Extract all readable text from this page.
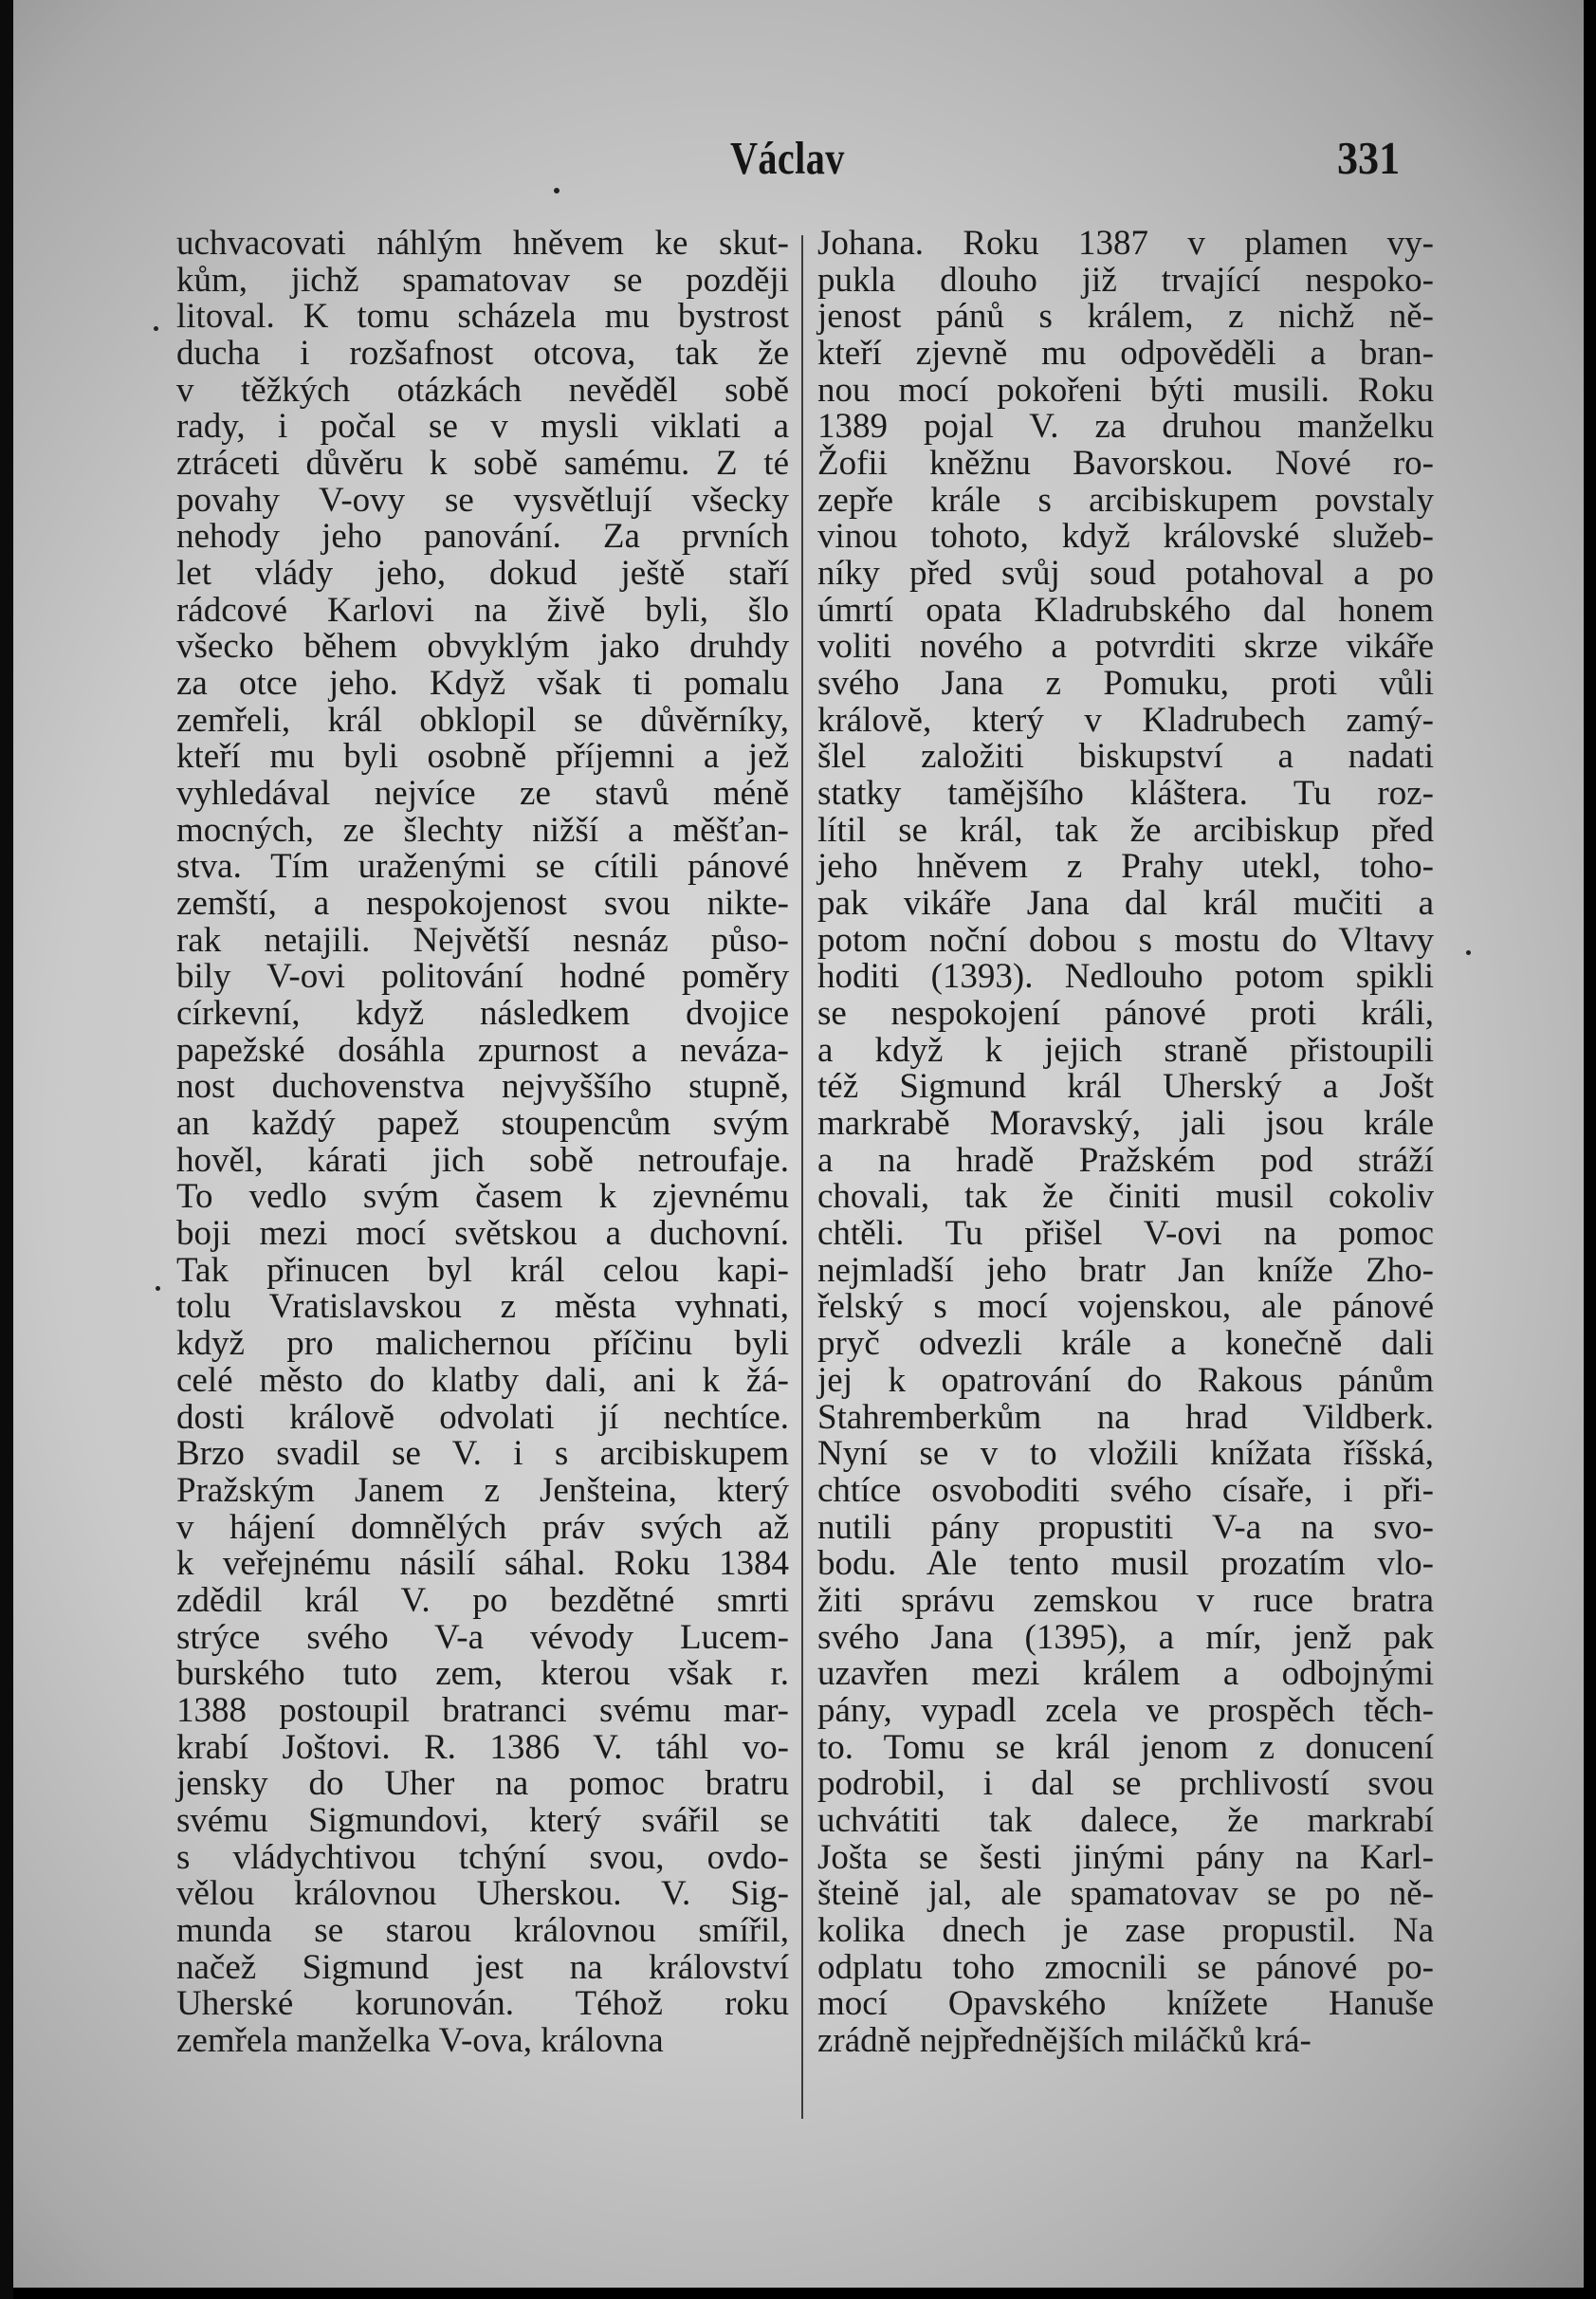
Václav	331
uchvacovati náhlým hněvem ke skut-
kům, jichž spamatovav se později
litoval. K tomu scházela mu bystrost
ducha i rozšafnost otcova, tak že
v těžkých otázkách nevěděl sobě
rady, i počal se v mysli viklati a
ztráceti důvěru k sobě samému. Z té
povahy V-ovy se vysvětlují všecky
nehody jeho panování. Za prvních
let vlády jeho, dokud ještě staří
rádcové Karlovi na živě byli, šlo
všecko během obvyklým jako druhdy
za otce jeho. Když však ti pomalu
zemřeli, král obklopil se důvěrníky,
kteří mu byli osobně příjemni a jež
vyhledával nejvíce ze stavů méně
mocných, ze šlechty nižší a měšťan-
stva. Tím uraženými se cítili pánové
zemští, a nespokojenost svou nikte-
rak netajili. Největší nesnáz půso-
bily V-ovi politování hodné poměry
církevní, když následkem dvojice
papežské dosáhla zpurnost a neváza-
nost duchovenstva nejvyššího stupně,
an každý papež stoupencům svým
hověl, kárati jich sobě netroufaje.
To vedlo svým časem k zjevnému
boji mezi mocí světskou a duchovní.
Tak přinucen byl král celou kapi-
tolu Vratislavskou z města vyhnati,
když pro malichernou příčinu byli
celé město do klatby dali, ani k žá-
dosti královĕ odvolati jí nechtíce.
Brzo svadil se V. i s arcibiskupem
Pražským Janem z Jenšteina, který
v hájení domnělých práv svých až
k veřejnému násilí sáhal. Roku 1384
zdědil král V. po bezdětné smrti
strýce svého V-a vévody Lucem-
burského tuto zem, kterou však r.
1388 postoupil bratranci svému mar-
krabí Joštovi. R. 1386 V. táhl vo-
jensky do Uher na pomoc bratru
svému Sigmundovi, který svářil se
s vládychtivou tchýní svou, ovdo-
vělou královnou Uherskou. V. Sig-
munda se starou královnou smířil,
načež Sigmund jest na království
Uherské korunován. Téhož roku
zemřela manželka V-ova, královna
Johana. Roku 1387 v plamen vy-
pukla dlouho již trvající nespoko-
jenost pánů s králem, z nichž ně-
kteří zjevně mu odpověděli a bran-
nou mocí pokořeni býti musili. Roku
1389 pojal V. za druhou manželku
Žofii kněžnu Bavorskou. Nové ro-
zepře krále s arcibiskupem povstaly
vinou tohoto, když královské služeb-
níky před svůj soud potahoval a po
úmrtí opata Kladrubského dal honem
voliti nového a potvrditi skrze vikáře
svého Jana z Pomuku, proti vůli
královĕ, který v Kladrubech zamý-
šlel založiti biskupství a nadati
statky tamějšího kláštera. Tu roz-
lítil se král, tak že arcibiskup před
jeho hněvem z Prahy utekl, toho-
pak vikáře Jana dal král mučiti a
potom noční dobou s mostu do Vltavy
hoditi (1393). Nedlouho potom spikli
se nespokojení pánové proti králi,
a když k jejich straně přistoupili
též Sigmund král Uherský a Jošt
markrabě Moravský, jali jsou krále
a na hradě Pražském pod stráží
chovali, tak že činiti musil cokoliv
chtěli. Tu přišel V-ovi na pomoc
nejmladší jeho bratr Jan kníže Zho-
řelský s mocí vojenskou, ale pánové
pryč odvezli krále a konečně dali
jej k opatrování do Rakous pánům
Stahremberkům na hrad Vildberk.
Nyní se v to vložili knížata říšská,
chtíce osvoboditi svého císaře, i při-
nutili pány propustiti V-a na svo-
bodu. Ale tento musil prozatím vlo-
žiti správu zemskou v ruce bratra
svého Jana (1395), a mír, jenž pak
uzavřen mezi králem a odbojnými
pány, vypadl zcela ve prospěch těch-
to. Tomu se král jenom z donucení
podrobil, i dal se prchlivostí svou
uchvátiti tak dalece, že markrabí
Jošta se šesti jinými pány na Karl-
šteině jal, ale spamatovav se po ně-
kolika dnech je zase propustil. Na
odplatu toho zmocnili se pánové po-
mocí Opavského knížete Hanuše
zrádně nejpřednějších miláčků krá-
